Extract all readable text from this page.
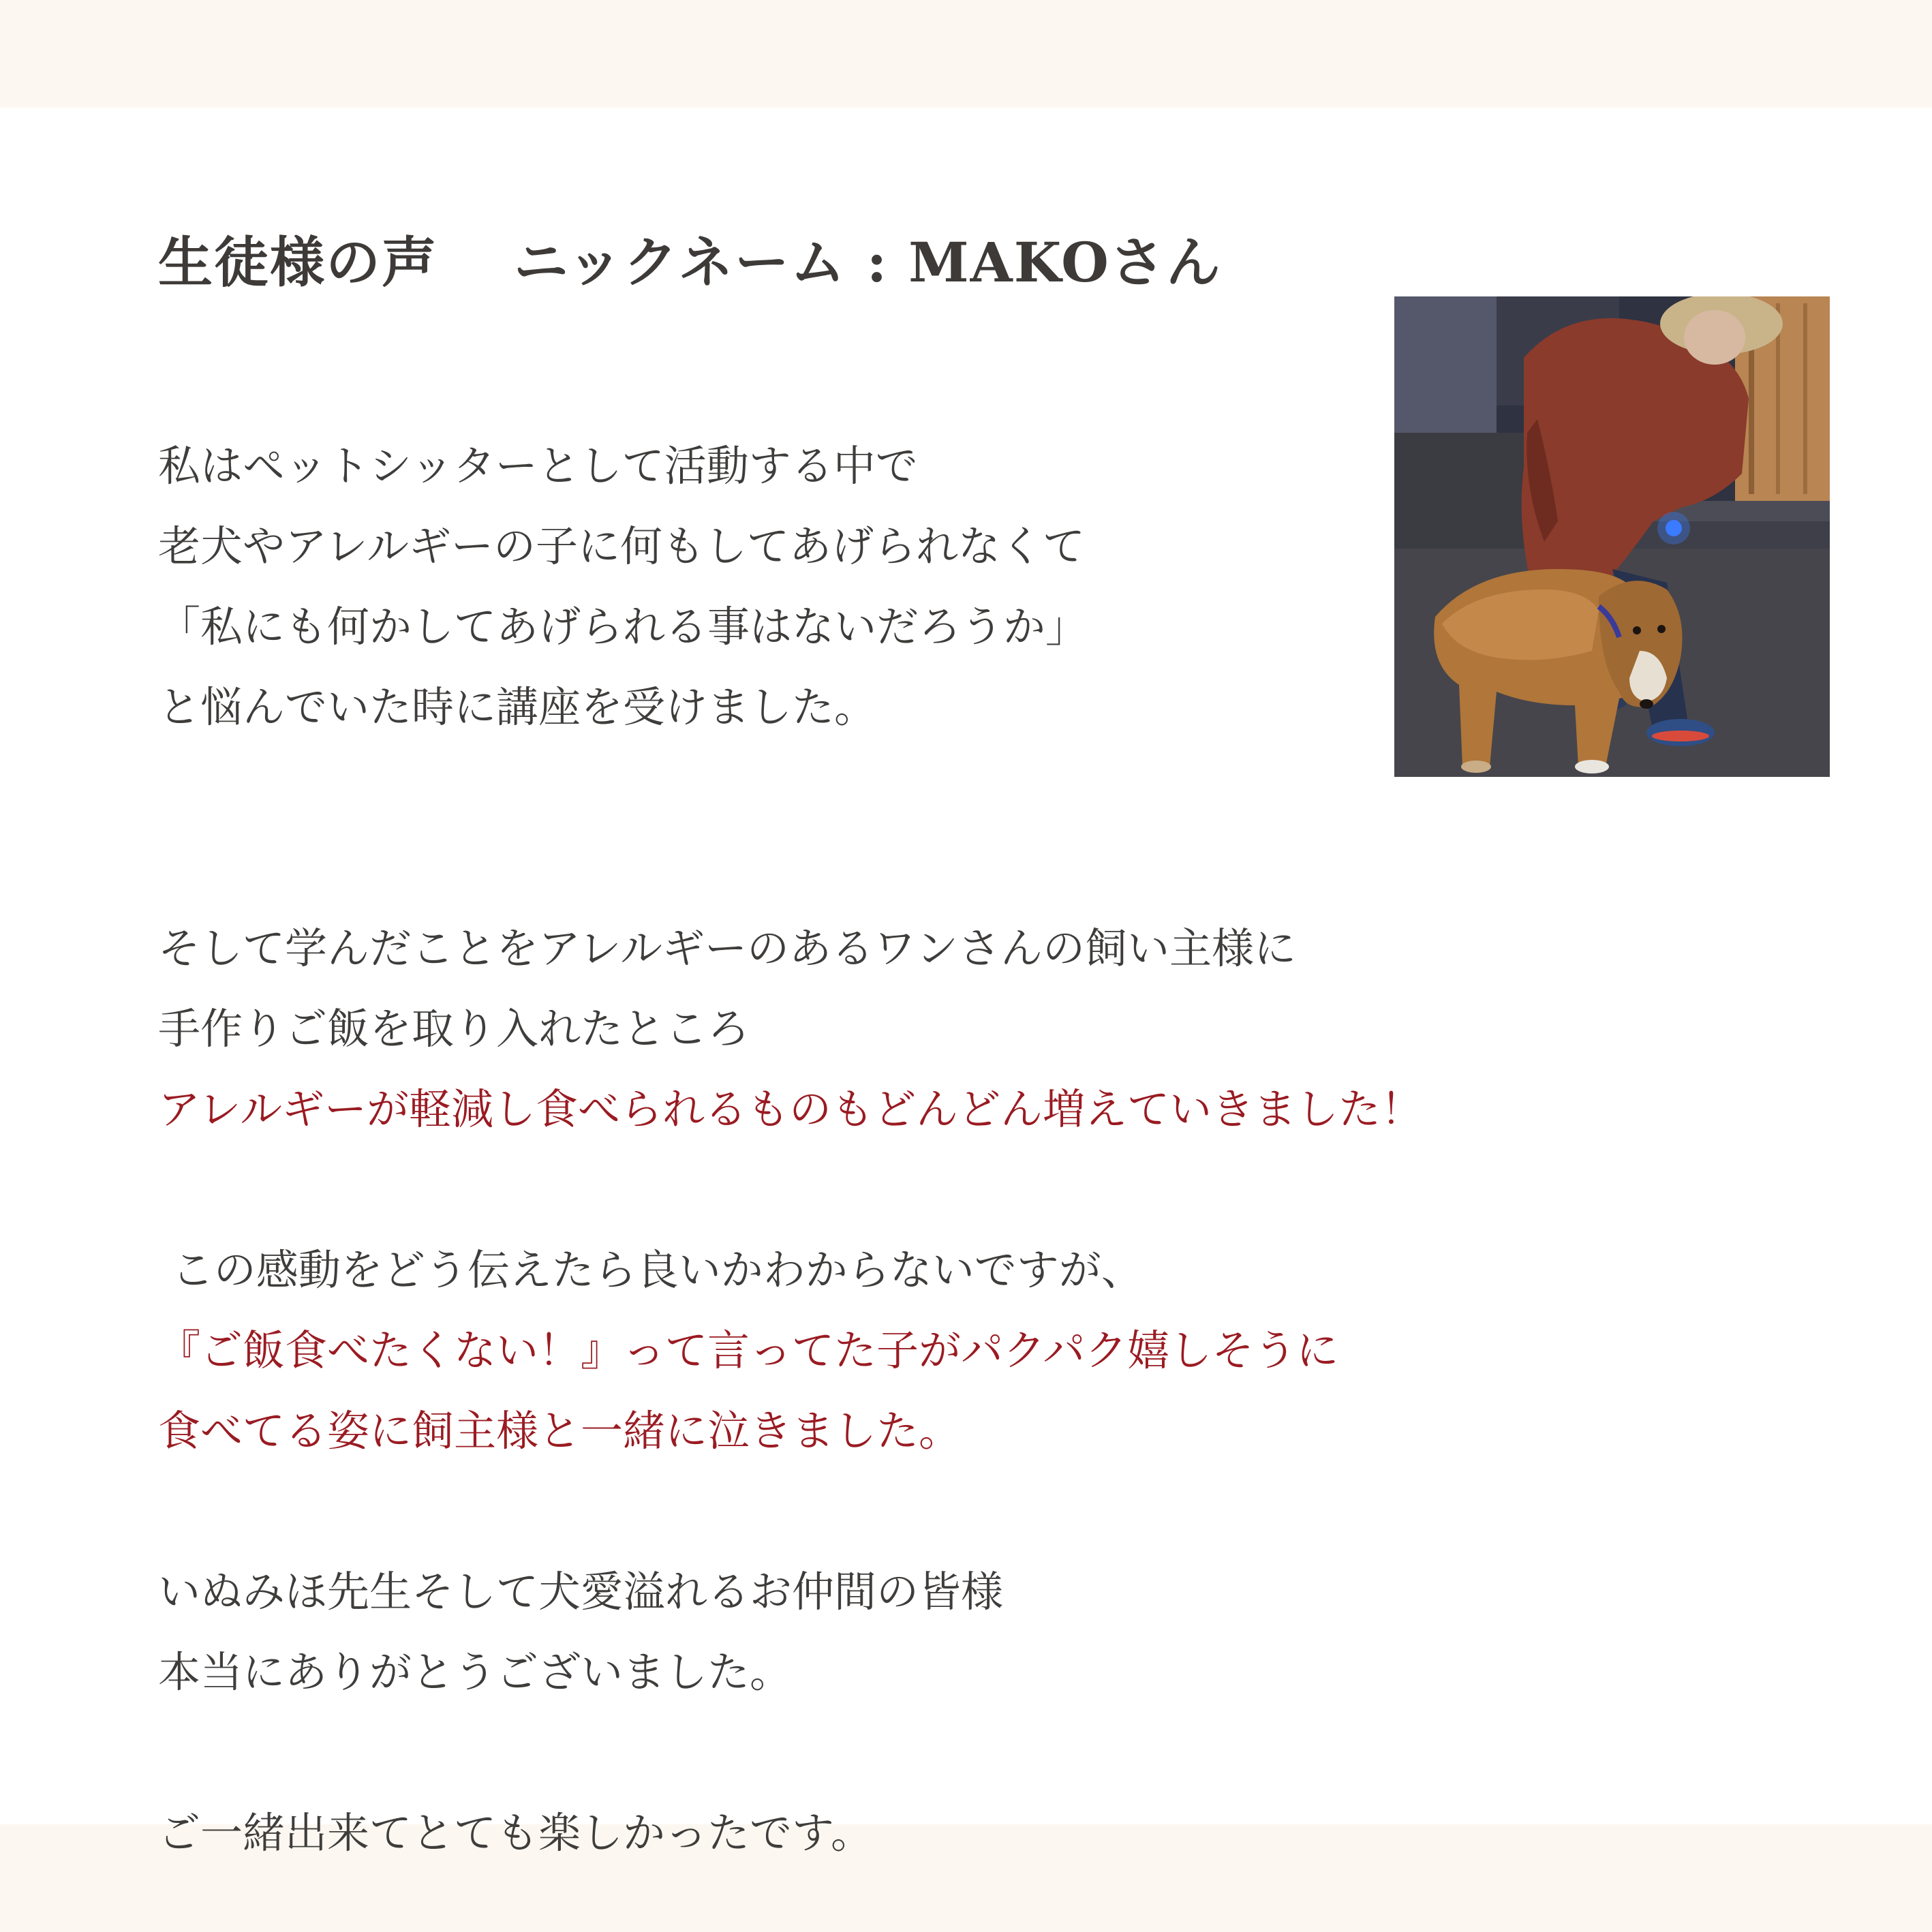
生徒様の声　 ニックネーム : MAKOさん
私はペットシッターとして活動する中で
老犬やアレルギーの子に何もしてあげられなくて
「私にも何かしてあげられる事はないだろうか」
と悩んでいた時に講座を受けました。
そして学んだことをアレルギーのあるワンさんの飼い主様に
手作りご飯を取り入れたところ
アレルギーが軽減し食べられるものもどんどん増えていきました！
この感動をどう伝えたら良いかわからないですが、
『ご飯食べたくない！』って言ってた子がパクパク嬉しそうに
食べてる姿に飼主様と一緒に泣きました。
いぬみほ先生そして犬愛溢れるお仲間の皆様
本当にありがとうございました。
ご一緒出来てとても楽しかったです。
